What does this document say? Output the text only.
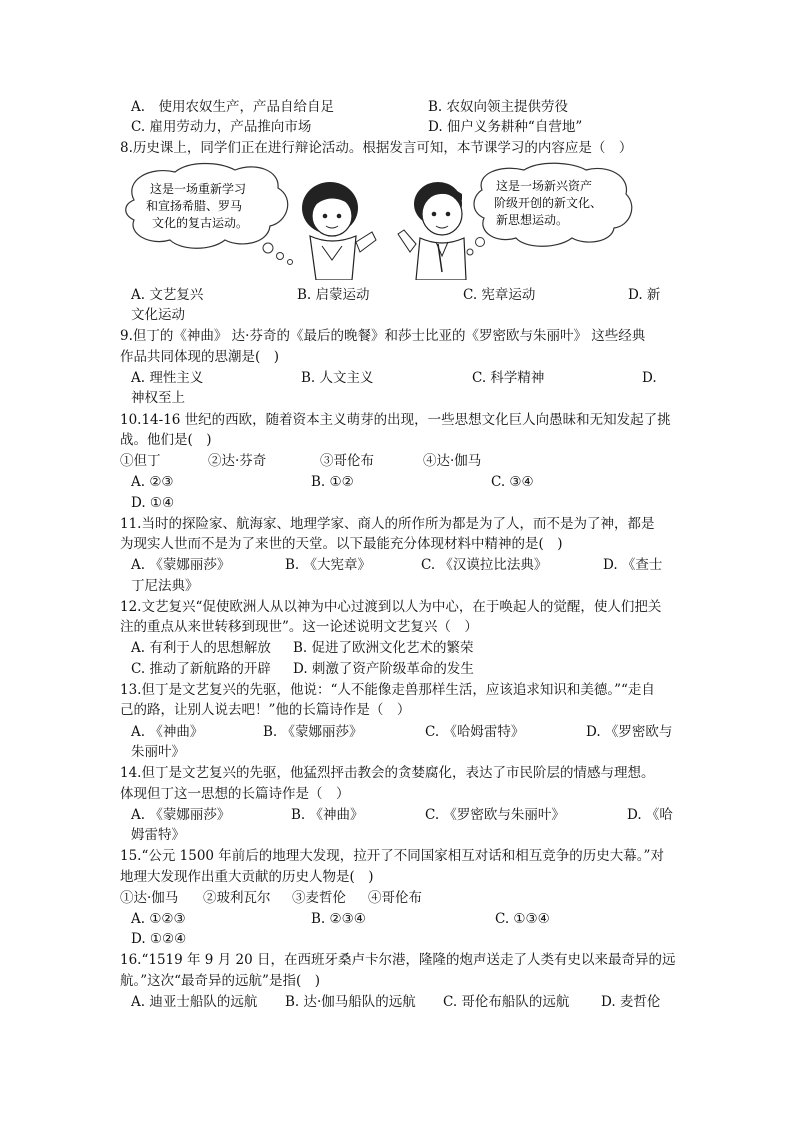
A.　使用农奴生产，产品自给自足	B. 农奴向领主提供劳役
C. 雇用劳动力，产品推向市场	D. 佃户义务耕种“自营地”
8.历史课上，同学们正在进行辩论活动。根据发言可知，本节课学习的内容应是（　）
这是一场重新学习
和宣扬希腊、罗马
文化的复古运动。
这是一场新兴资产
阶级开创的新文化、
新思想运动。
A. 文艺复兴	B. 启蒙运动	C. 宪章运动	D. 新
文化运动
9.但丁的《神曲》 达·芬奇的《最后的晚餐》和莎士比亚的《罗密欧与朱丽叶》 这些经典
作品共同体现的思潮是(　)
A. 理性主义	B. 人文主义	C. 科学精神	D.
神权至上
10.14-16 世纪的西欧，随着资本主义萌芽的出现，一些思想文化巨人向愚昧和无知发起了挑
战。他们是(　)
①但丁	②达·芬奇	③哥伦布	④达·伽马
A. ②③	B. ①②	C. ③④
D. ①④
11.当时的探险家、航海家、地理学家、商人的所作所为都是为了人，而不是为了神，都是
为现实人世而不是为了来世的天堂。以下最能充分体现材料中精神的是(　)
A. 《蒙娜丽莎》	B. 《大宪章》	C. 《汉谟拉比法典》	D. 《查士
丁尼法典》
12.文艺复兴“促使欧洲人从以神为中心过渡到以人为中心，在于唤起人的觉醒，使人们把关
注的重点从来世转移到现世”。这一论述说明文艺复兴（　）
A. 有利于人的思想解放 B. 促进了欧洲文化艺术的繁荣
C. 推动了新航路的开辟 D. 刺激了资产阶级革命的发生
13.但丁是文艺复兴的先驱，他说：“人不能像走兽那样生活，应该追求知识和美德。”“走自
己的路，让别人说去吧！”他的长篇诗作是（　）
A. 《神曲》	B. 《蒙娜丽莎》	C. 《哈姆雷特》	D. 《罗密欧与
朱丽叶》
14.但丁是文艺复兴的先驱，他猛烈抨击教会的贪婪腐化，表达了市民阶层的情感与理想。
体现但丁这一思想的长篇诗作是（　）
A. 《蒙娜丽莎》	B. 《神曲》	C. 《罗密欧与朱丽叶》	D. 《哈
姆雷特》
15.“公元 1500 年前后的地理大发现，拉开了不同国家相互对话和相互竞争的历史大幕。”对
地理大发现作出重大贡献的历史人物是(　)
①达·伽马 ②玻利瓦尔 ③麦哲伦 ④哥伦布
A. ①②③	B. ②③④	C. ①③④
D. ①②④
16.“1519 年 9 月 20 日，在西班牙桑卢卡尔港，隆隆的炮声送走了人类有史以来最奇异的远
航。”这次“最奇异的远航”是指(　)
A. 迪亚士船队的远航 B. 达·伽马船队的远航 C. 哥伦布船队的远航 D. 麦哲伦
